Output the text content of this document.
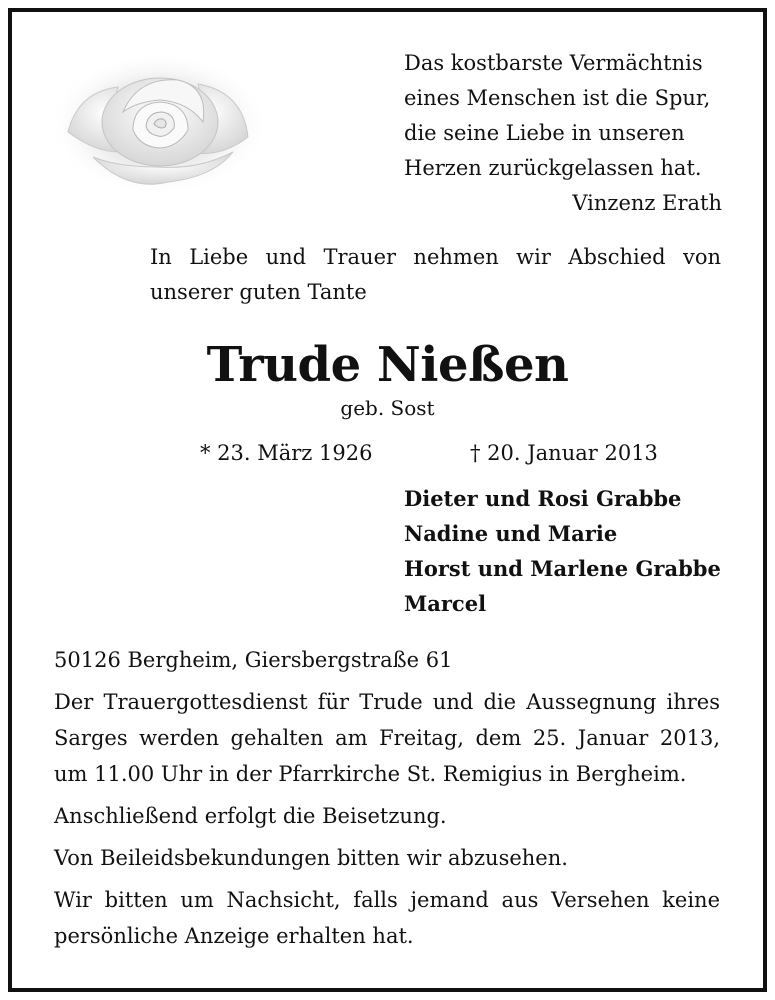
Das kostbarste Vermächtnis
eines Menschen ist die Spur,
die seine Liebe in unseren
Herzen zurückgelassen hat.
Vinzenz Erath
In Liebe und Trauer nehmen wir Abschied von unserer guten Tante
Trude Nießen
geb. Sost
* 23. März 1926	† 20. Januar 2013
Dieter und Rosi Grabbe
Nadine und Marie
Horst und Marlene Grabbe
Marcel

50126 Bergheim, Giersbergstraße 61

Der Trauergottesdienst für Trude und die Aussegnung ihres Sarges werden gehalten am Freitag, dem 25. Januar 2013, um 11.00 Uhr in der Pfarrkirche St. Remigius in Bergheim.

Anschließend erfolgt die Beisetzung.

Von Beileidsbekundungen bitten wir abzusehen.

Wir bitten um Nachsicht, falls jemand aus Versehen keine persönliche Anzeige erhalten hat.
